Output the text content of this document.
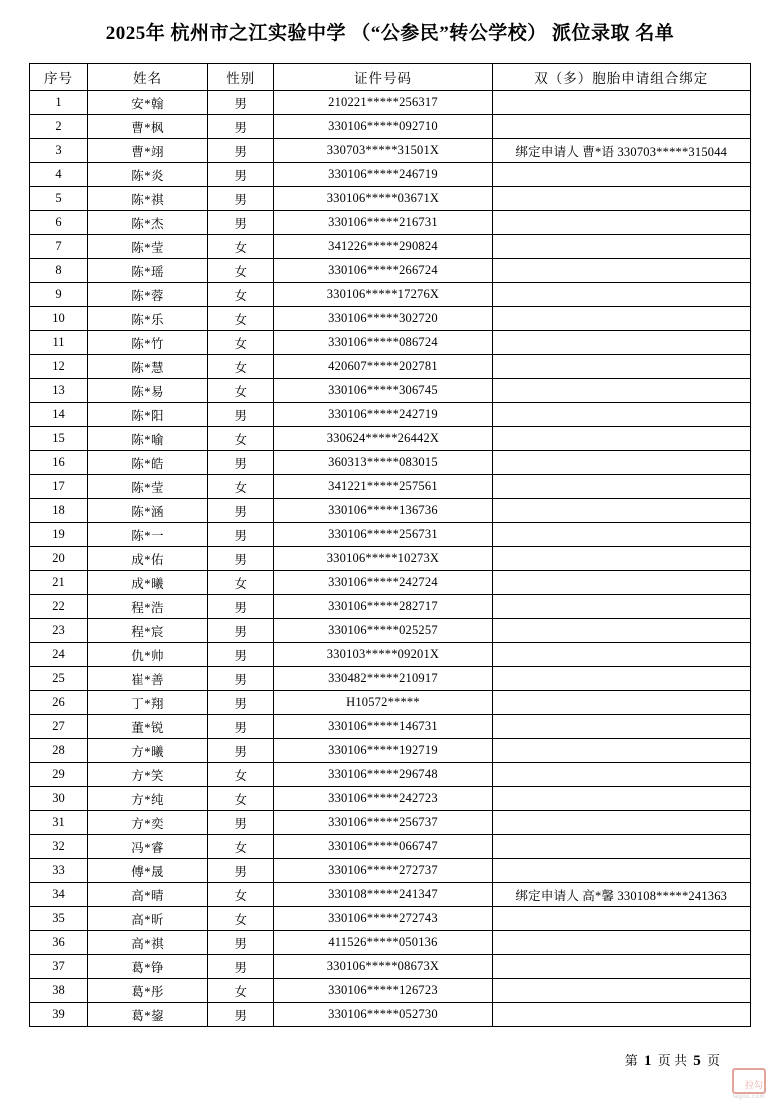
2025年 杭州市之江实验中学 （“公参民”转公学校） 派位录取 名单
序号	姓名	性别	证件号码	双（多）胞胎申请组合绑定
1	安*翰	男	210221*****256317	
2	曹*枫	男	330106*****092710	
3	曹*翊	男	330703*****31501X	绑定申请人 曹*语 330703*****315044
4	陈*炎	男	330106*****246719	
5	陈*祺	男	330106*****03671X	
6	陈*杰	男	330106*****216731	
7	陈*莹	女	341226*****290824	
8	陈*瑶	女	330106*****266724	
9	陈*蓉	女	330106*****17276X	
10	陈*乐	女	330106*****302720	
11	陈*竹	女	330106*****086724	
12	陈*慧	女	420607*****202781	
13	陈*易	女	330106*****306745	
14	陈*阳	男	330106*****242719	
15	陈*喻	女	330624*****26442X	
16	陈*皓	男	360313*****083015	
17	陈*莹	女	341221*****257561	
18	陈*涵	男	330106*****136736	
19	陈*一	男	330106*****256731	
20	成*佑	男	330106*****10273X	
21	成*曦	女	330106*****242724	
22	程*浩	男	330106*****282717	
23	程*宸	男	330106*****025257	
24	仇*帅	男	330103*****09201X	
25	崔*善	男	330482*****210917	
26	丁*翔	男	H10572*****	
27	董*锐	男	330106*****146731	
28	方*曦	男	330106*****192719	
29	方*笑	女	330106*****296748	
30	方*纯	女	330106*****242723	
31	方*奕	男	330106*****256737	
32	冯*睿	女	330106*****066747	
33	傅*晟	男	330106*****272737	
34	高*晴	女	330108*****241347	绑定申请人 高*馨 330108*****241363
35	高*昕	女	330106*****272743	
36	高*祺	男	411526*****050136	
37	葛*铮	男	330106*****08673X	
38	葛*彤	女	330106*****126723	
39	葛*鋆	男	330106*****052730	
第 1 页 共 5 页
拉勾
lagou.com
